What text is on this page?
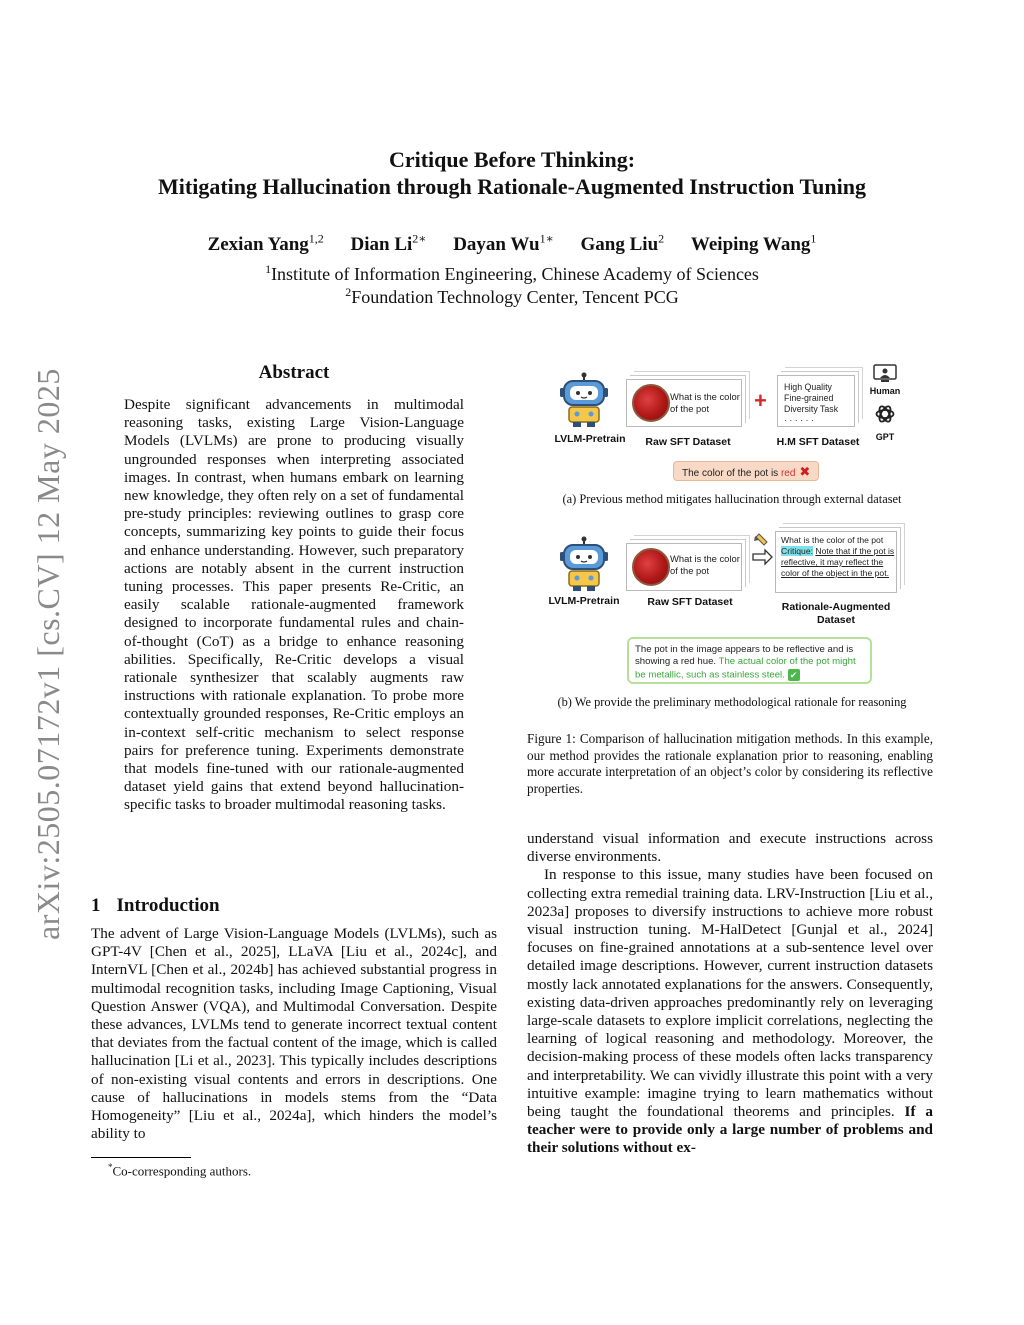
arXiv:2505.07172v1 [cs.CV] 12 May 2025
Critique Before Thinking:
Mitigating Hallucination through Rationale-Augmented Instruction Tuning
Zexian Yang$^{1,2}$ Dian $Li^{2∗}$ Dayan $Wu^{1∗}$ Gang Liu$^2$ Weiping Wang$^1$
$^1$Institute of Information Engineering, Chinese Academy of Sciences
$^2$Foundation Technology Center, Tencent PCG
Abstract
Despite significant advancements in multimodal reasoning tasks, existing Large Vision-Language Models (LVLMs) are prone to producing visually ungrounded responses when interpreting associated images. In contrast, when humans embark on learning new knowledge, they often rely on a set of fundamental pre-study principles: reviewing outlines to grasp core concepts, summarizing key points to guide their focus and enhance understanding. However, such preparatory actions are notably absent in the current instruction tuning processes. This paper presents Re-Critic, an easily scalable rationale-augmented framework designed to incorporate fundamental rules and chain-of-thought (CoT) as a bridge to enhance reasoning abilities. Specifically, Re-Critic develops a visual rationale synthesizer that scalably augments raw instructions with rationale explanation. To probe more contextually grounded responses, Re-Critic employs an in-context self-critic mechanism to select response pairs for preference tuning. Experiments demonstrate that models fine-tuned with our rationale-augmented dataset yield gains that extend beyond hallucination-specific tasks to broader multimodal reasoning tasks.
1 Introduction
The advent of Large Vision-Language Models (LVLMs), such as GPT-4V [Chen et al., 2025], LLaVA [Liu et al., 2024c], and InternVL [Chen et al., 2024b] has achieved substantial progress in multimodal recognition tasks, including Image Captioning, Visual Question Answer (VQA), and Multimodal Conversation. Despite these advances, LVLMs tend to generate incorrect textual content that deviates from the factual content of the image, which is called hallucination [Li et al., 2023]. This typically includes descriptions of non-existing visual contents and errors in descriptions. One cause of hallucinations in models stems from the “Data Homogeneity” [Liu et al., 2024a], which hinders the model’s ability to
*Co-corresponding authors.

understand visual information and execute instructions across diverse environments.

In response to this issue, many studies have been focused on collecting extra remedial training data. LRV-Instruction [Liu et al., 2023a] proposes to diversify instructions to achieve more robust visual instruction tuning. M-HalDetect [Gunjal et al., 2024] focuses on fine-grained annotations at a sub-sentence level over detailed image descriptions. However, current instruction datasets mostly lack annotated explanations for the answers. Consequently, existing data-driven approaches predominantly rely on leveraging large-scale datasets to explore implicit correlations, neglecting the learning of logical reasoning and methodology. Moreover, the decision-making process of these models often lacks transparency and interpretability. We can vividly illustrate this point with a very intuitive example: imagine trying to learn mathematics without being taught the foundational theorems and principles. If a teacher were to provide only a large number of problems and their solutions without ex-

LVLM-Pretrain
What is the color of the pot
Raw SFT Dataset
+
High Quality
Fine-grained
Diversity Task
· · · · · ·
H.M SFT Dataset
Human
GPT
The color of the pot is red ✖
(a) Previous method mitigates hallucination through external dataset
LVLM-Pretrain
What is the color of the pot
Raw SFT Dataset
What is the color of the pot
Critique: Note that if the pot is reflective, it may reflect the color of the object in the pot.
Rationale-Augmented
Dataset
The pot in the image appears to be reflective and is showing a red hue. The actual color of the pot might be metallic, such as stainless steel. ✔
(b) We provide the preliminary methodological rationale for reasoning
Figure 1: Comparison of hallucination mitigation methods. In this example, our method provides the rationale explanation prior to reasoning, enabling more accurate interpretation of an object’s color by considering its reflective properties.
